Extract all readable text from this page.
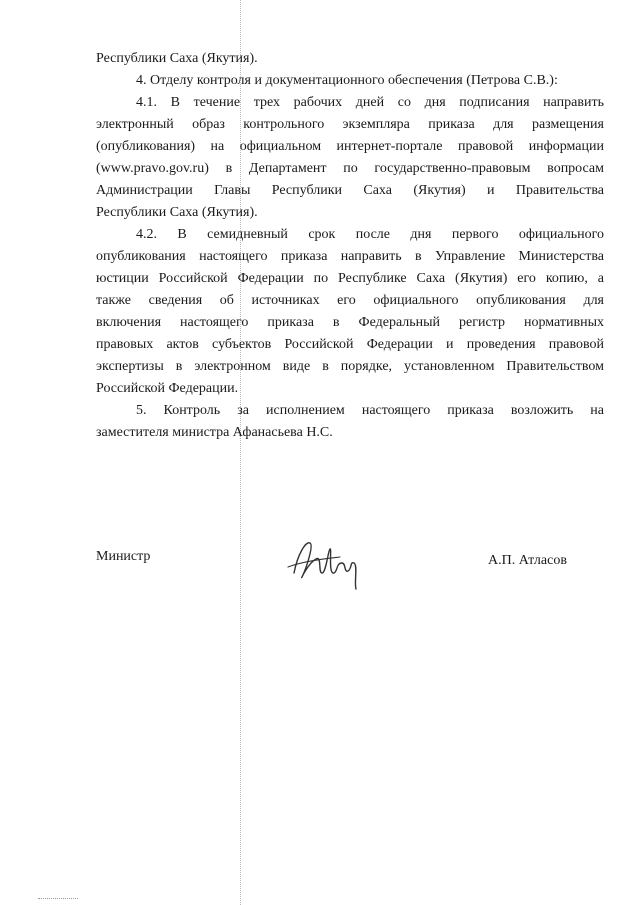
Республики Саха (Якутия).
4. Отделу контроля и документационного обеспечения (Петрова С.В.):
4.1. В течение трех рабочих дней со дня подписания направить
электронный образ контрольного экземпляра приказа для размещения
(опубликования) на официальном интернет-портале правовой информации
(www.pravo.gov.ru) в Департамент по государственно-правовым вопросам
Администрации Главы Республики Саха (Якутия) и Правительства
Республики Саха (Якутия).
4.2. В семидневный срок после дня первого официального
опубликования настоящего приказа направить в Управление Министерства
юстиции Российской Федерации по Республике Саха (Якутия) его копию, а
также сведения об источниках его официального опубликования для
включения настоящего приказа в Федеральный регистр нормативных
правовых актов субъектов Российской Федерации и проведения правовой
экспертизы в электронном виде в порядке, установленном Правительством
Российской Федерации.
5. Контроль за исполнением настоящего приказа возложить на
заместителя министра Афанасьева Н.С.
Министр	А.П. Атласов
